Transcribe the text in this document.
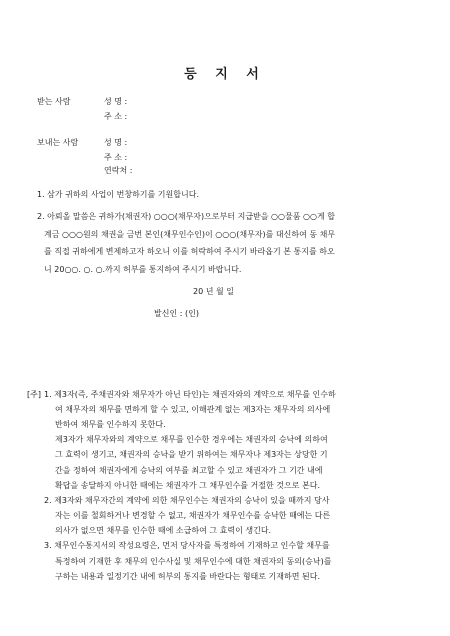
등 지 서
받는 사람	성 명 :
주 소 :
보내는 사람	성 명 :
주 소 :
연락처 :
1. 삼가 귀하의 사업이 번창하기를 기원합니다.
2. 아뢰올 말씀은 귀하가(채권자) ○○○(채무자)으로부터 지급받을 ○○물품 ○○게 합
계금 ○○○원의 채권을 금번 본인(채무인수인)이 ○○○(채무자)를 대신하여 동 채무
를 직접 귀하에게 변제하고자 하오니 이를 허락하여 주시기 바라옵기 본 통지를 하오
니 20○○. ○. ○.까지 허부를 통지하여 주시기 바랍니다.
20 년 월 일
발신인 : (인)
[주] 1. 제3자(즉, 주채권자와 채무자가 아닌 타인)는 채권자와의 계약으로 채무를 인수하
여 채무자의 채무를 면하게 할 수 있고, 이해관계 없는 제3자는 채무자의 의사에
반하여 채무를 인수하지 못한다.
제3자가 채무자와의 계약으로 채무를 인수한 경우에는 채권자의 승낙에 의하여
그 효력이 생기고, 채권자의 승낙을 받기 위하여는 채무자나 제3자는 상당한 기
간을 정하여 채권자에게 승낙의 여부를 최고할 수 있고 채권자가 그 기간 내에
확답을 송달하지 아니한 때에는 채권자가 그 채무인수를 거절한 것으로 본다.
2. 제3자와 채무자간의 계약에 의한 채무인수는 채권자의 승낙이 있을 때까지 당사
자는 이를 철회하거나 변경할 수 없고, 채권자가 채무인수를 승낙한 때에는 다른
의사가 없으면 채무를 인수한 때에 소급하여 그 효력이 생긴다.
3. 채무인수통지서의 작성요령은, 먼저 당사자를 특정하여 기재하고 인수할 채무를
특정하여 기재한 후 채무의 인수사실 및 채무인수에 대한 채권자의 동의(승낙)를
구하는 내용과 일정기간 내에 허부의 통지를 바란다는 형태로 기재하면 된다.
